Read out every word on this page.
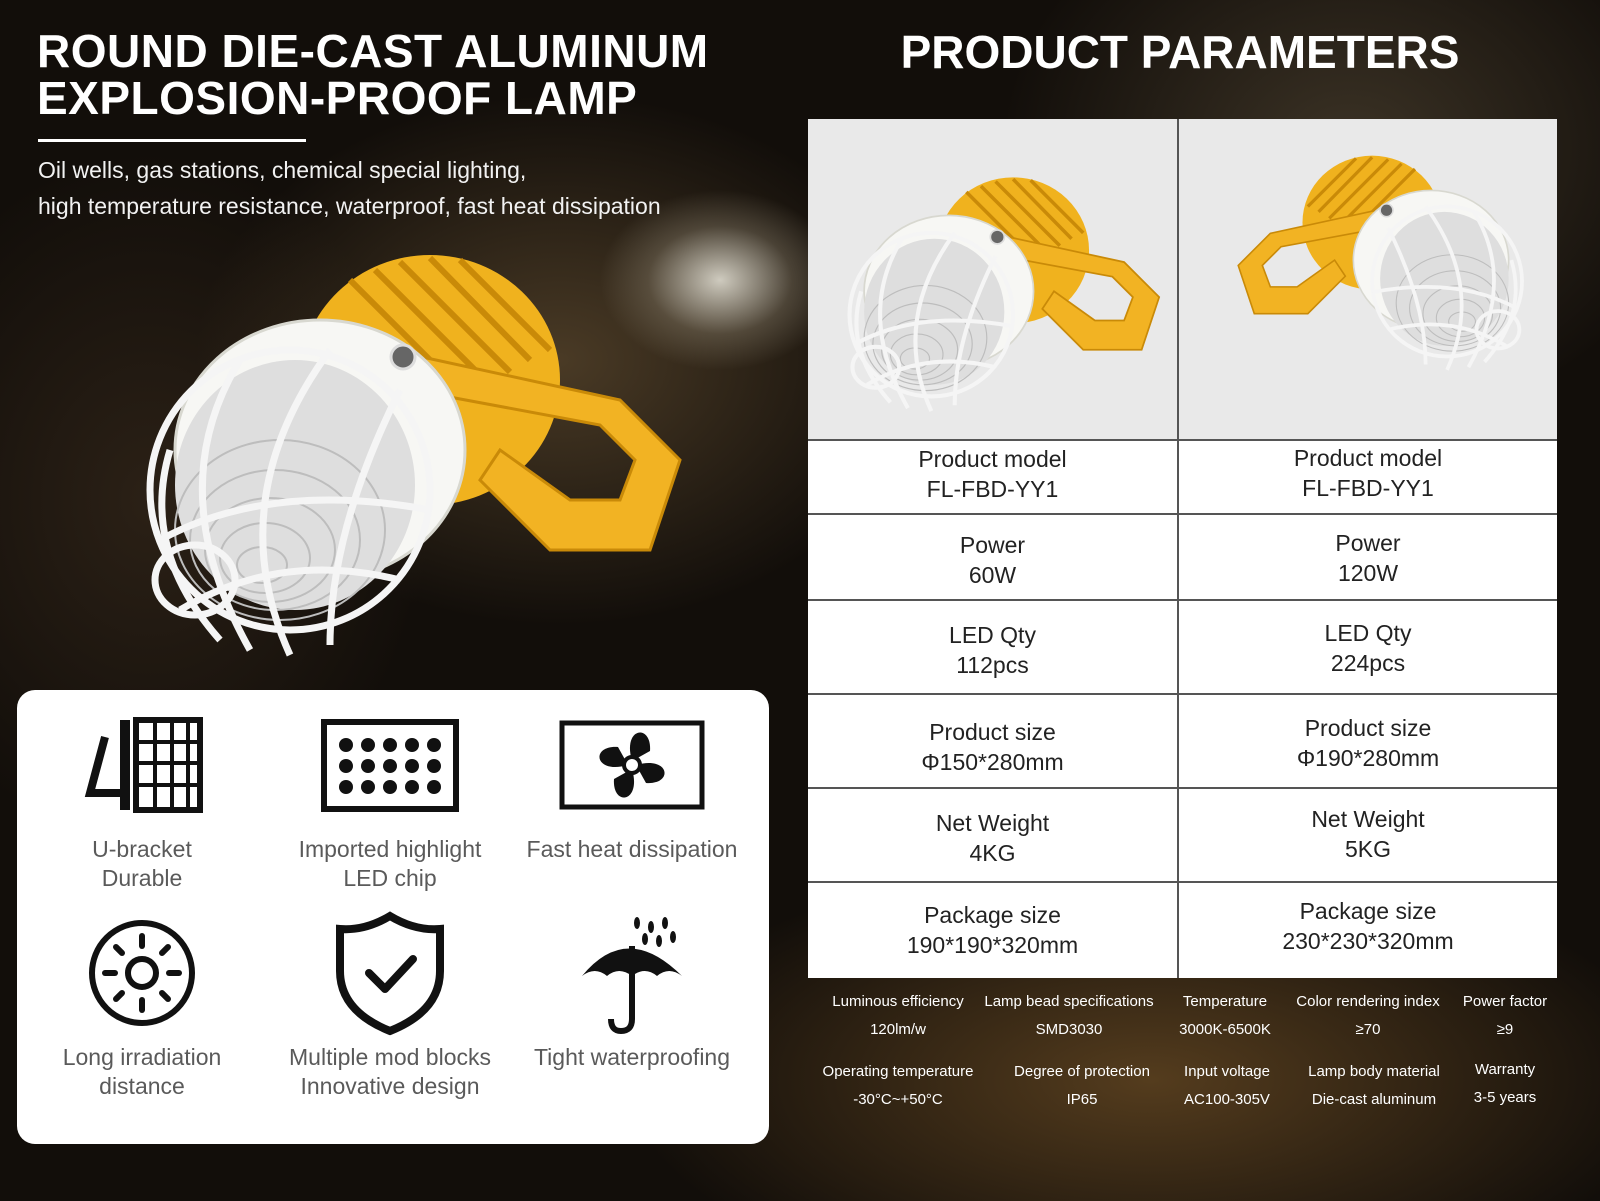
ROUND DIE-CAST ALUMINUM
EXPLOSION-PROOF LAMP
Oil wells, gas stations, chemical special lighting,
high temperature resistance, waterproof, fast heat dissipation
U-bracket
Durable
Imported highlight
LED chip
Fast heat dissipation
Long irradiation
distance
Multiple mod blocks
Innovative design
Tight waterproofing
PRODUCT PARAMETERS
Product model
FL-FBD-YY1
Product model
FL-FBD-YY1
Power
60W
Power
120W
LED Qty
112pcs
LED Qty
224pcs
Product size
Φ150*280mm
Product size
Φ190*280mm
Net Weight
4KG
Net Weight
5KG
Package size
190*190*320mm
Package size
230*230*320mm
Luminous efficiency
120lm/w
Lamp bead specifications
SMD3030
Temperature
3000K-6500K
Color rendering index
≥70
Power factor
≥9
Operating temperature
-30°C~+50°C
Degree of protection
IP65
Input voltage
AC100-305V
Lamp body material
Die-cast aluminum
Warranty
3-5 years
